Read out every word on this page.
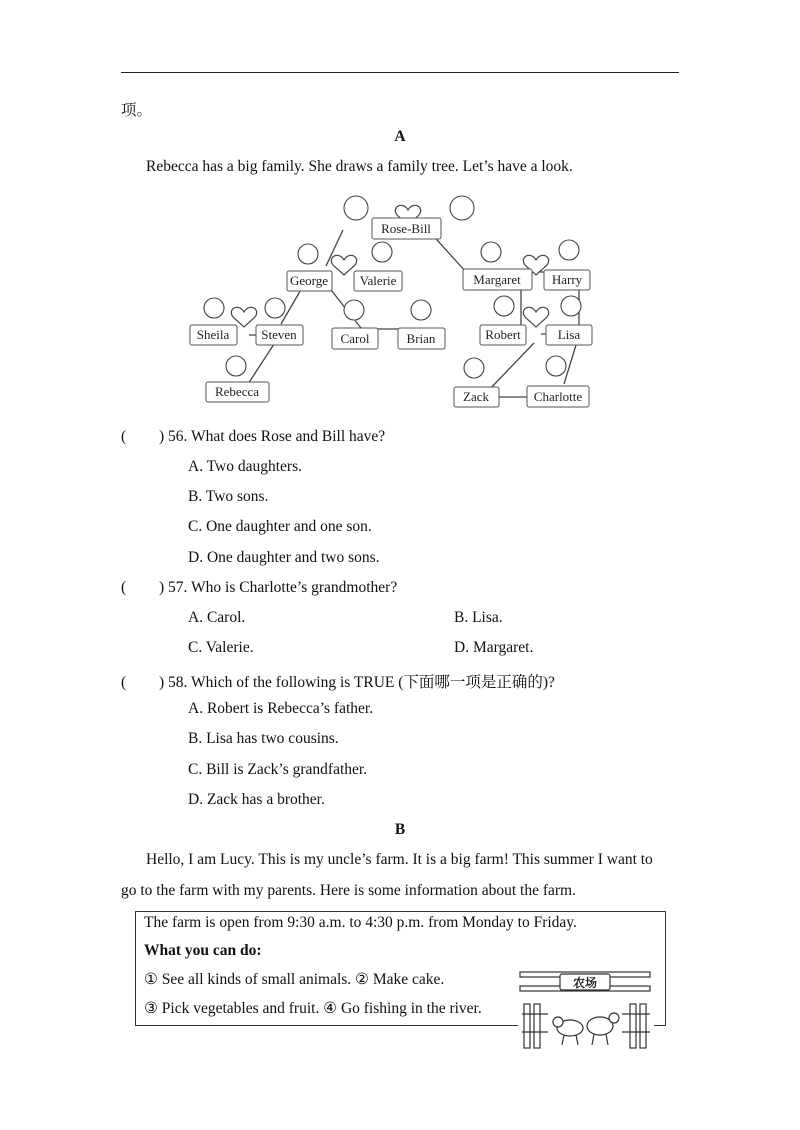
项。
A
Rebecca has a big family. She draws a family tree. Let’s have a look.
Rose-Bill
George Valerie	Margaret Harry
Sheila Steven	Carol	Brian	Robert	Lisa
Rebecca	Zack	Charlotte
( ) 56. What does Rose and Bill have?
A. Two daughters.
B. Two sons.
C. One daughter and one son.
D. One daughter and two sons.
( ) 57. Who is Charlotte’s grandmother?
A. Carol.	B. Lisa.
C. Valerie.	D. Margaret.
( ) 58. Which of the following is TRUE (下面哪一项是正确的)?
A. Robert is Rebecca’s father.
B. Lisa has two cousins.
C. Bill is Zack’s grandfather.
D. Zack has a brother.
B
Hello, I am Lucy. This is my uncle’s farm. It is a big farm! This summer I want to
go to the farm with my parents. Here is some information about the farm.
The farm is open from 9:30 a.m. to 4:30 p.m. from Monday to Friday.
What you can do:
① See all kinds of small animals. ② Make cake.
③ Pick vegetables and fruit. ④ Go fishing in the river.
农场
